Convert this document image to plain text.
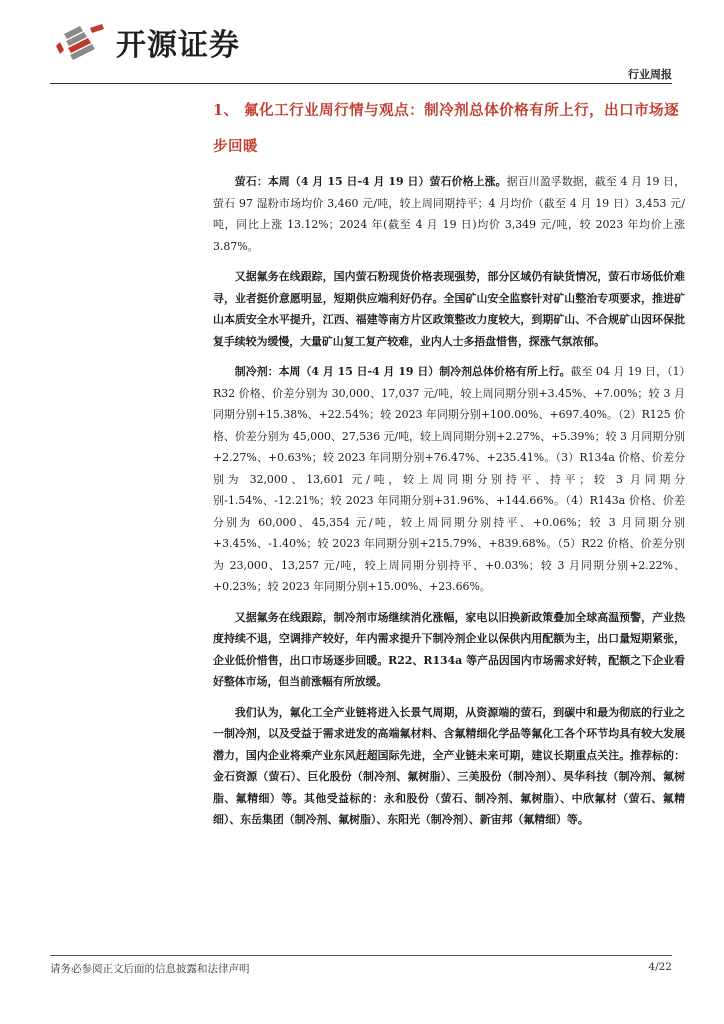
开源证券
行业周报
1、 氟化工行业周行情与观点：制冷剂总体价格有所上行，出口市场逐步回暖

萤石：本周（4 月 15 日-4 月 19 日）萤石价格上涨。据百川盈孚数据，截至 4 月 19 日，萤石 97 湿粉市场均价 3,460 元/吨，较上周同期持平；4 月均价（截至 4 月 19 日）3,453 元/吨，同比上涨 13.12%；2024 年(截至 4 月 19 日)均价 3,349 元/吨，较 2023 年均价上涨 3.87%。

又据氟务在线跟踪，国内萤石粉现货价格表现强势，部分区域仍有缺货情况，萤石市场低价难寻，业者挺价意愿明显，短期供应端利好仍存。全国矿山安全监察针对矿山整治专项要求，推进矿山本质安全水平提升，江西、福建等南方片区政策整改力度较大，到期矿山、不合规矿山因环保批复手续较为缓慢，大量矿山复工复产较难，业内人士多捂盘惜售，探涨气氛浓郁。

制冷剂：本周（4 月 15 日-4 月 19 日）制冷剂总体价格有所上行。截至 04 月 19 日，（1）R32 价格、价差分别为 30,000、17,037 元/吨，较上周同期分别+3.45%、+7.00%；较 3 月同期分别+15.38%、+22.54%；较 2023 年同期分别+100.00%、+697.40%。（2）R125 价格、价差分别为 45,000、27,536 元/吨，较上周同期分别+2.27%、+5.39%；较 3 月同期分别+2.27%、+0.63%；较 2023 年同期分别+76.47%、+235.41%。（3）R134a 价格、价差分别为 32,000、13,601 元/吨，较上周同期分别持平、持平；较 3 月同期分别-1.54%、-12.21%；较 2023 年同期分别+31.96%、+144.66%。（4）R143a 价格、价差分别为 60,000、45,354 元/吨，较上周同期分别持平、+0.06%；较 3 月同期分别+3.45%、-1.40%；较 2023 年同期分别+215.79%、+839.68%。（5）R22 价格、价差分别为 23,000、13,257 元/吨，较上周同期分别持平、+0.03%；较 3 月同期分别+2.22%、+0.23%；较 2023 年同期分别+15.00%、+23.66%。

又据氟务在线跟踪，制冷剂市场继续消化涨幅，家电以旧换新政策叠加全球高温预警，产业热度持续不退，空调排产较好，年内需求提升下制冷剂企业以保供内用配额为主，出口量短期紧张，企业低价惜售，出口市场逐步回暖。R22、R134a 等产品因国内市场需求好转，配额之下企业看好整体市场，但当前涨幅有所放缓。

我们认为，氟化工全产业链将进入长景气周期，从资源端的萤石，到碳中和最为彻底的行业之一制冷剂，以及受益于需求迸发的高端氟材料、含氟精细化学品等氟化工各个环节均具有较大发展潜力，国内企业将乘产业东风赶超国际先进，全产业链未来可期，建议长期重点关注。推荐标的：金石资源（萤石）、巨化股份（制冷剂、氟树脂）、三美股份（制冷剂）、昊华科技（制冷剂、氟树脂、氟精细）等。其他受益标的：永和股份（萤石、制冷剂、氟树脂）、中欣氟材（萤石、氟精细）、东岳集团（制冷剂、氟树脂）、东阳光（制冷剂）、新宙邦（氟精细）等。

请务必参阅正文后面的信息披露和法律声明	4/22
